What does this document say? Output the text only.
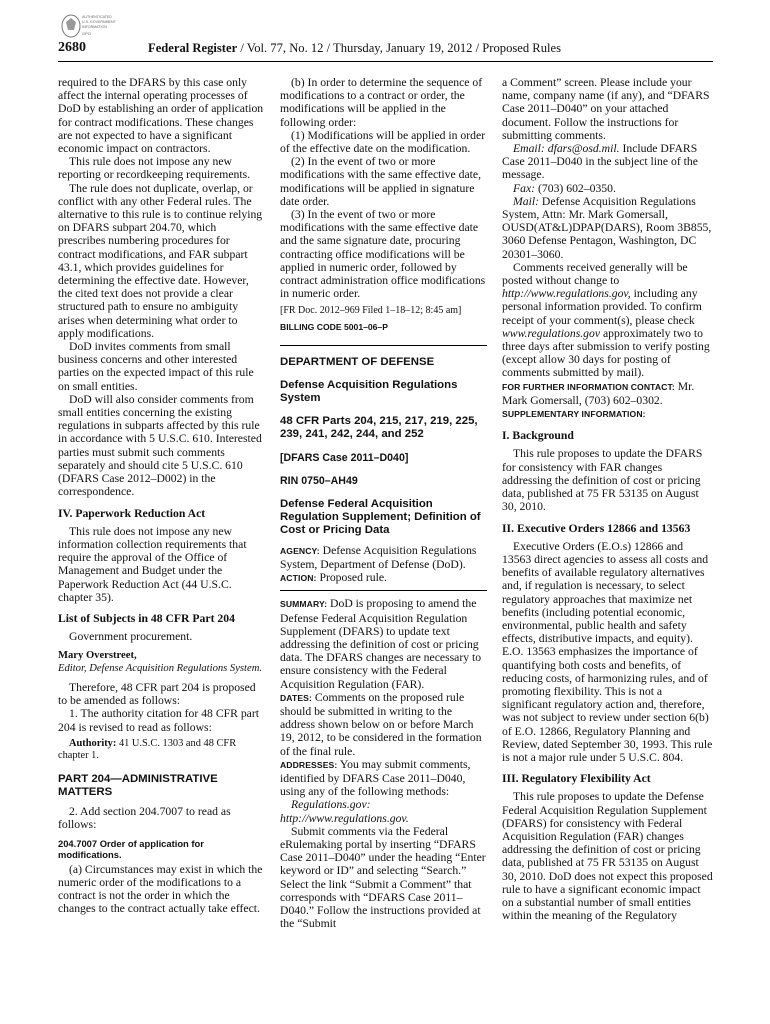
AUTHENTICATED
U.S. GOVERNMENT
INFORMATION
GPO
2680	Federal Register / Vol. 77, No. 12 / Thursday, January 19, 2012 / Proposed Rules

required to the DFARS by this case only affect the internal operating processes of DoD by establishing an order of application for contract modifications. These changes are not expected to have a significant economic impact on contractors.

This rule does not impose any new reporting or recordkeeping requirements.

The rule does not duplicate, overlap, or conflict with any other Federal rules. The alternative to this rule is to continue relying on DFARS subpart 204.70, which prescribes numbering procedures for contract modifications, and FAR subpart 43.1, which provides guidelines for determining the effective date. However, the cited text does not provide a clear structured path to ensure no ambiguity arises when determining what order to apply modifications.

DoD invites comments from small business concerns and other interested parties on the expected impact of this rule on small entities.

DoD will also consider comments from small entities concerning the existing regulations in subparts affected by this rule in accordance with 5 U.S.C. 610. Interested parties must submit such comments separately and should cite 5 U.S.C. 610 (DFARS Case 2012–D002) in the correspondence.

IV. Paperwork Reduction Act

This rule does not impose any new information collection requirements that require the approval of the Office of Management and Budget under the Paperwork Reduction Act (44 U.S.C. chapter 35).

List of Subjects in 48 CFR Part 204

Government procurement.

Mary Overstreet,

Editor, Defense Acquisition Regulations System.

Therefore, 48 CFR part 204 is proposed to be amended as follows:

1. The authority citation for 48 CFR part 204 is revised to read as follows:

Authority: 41 U.S.C. 1303 and 48 CFR chapter 1.

PART 204—ADMINISTRATIVE MATTERS

2. Add section 204.7007 to read as follows:

204.7007 Order of application for modifications.

(a) Circumstances may exist in which the numeric order of the modifications to a contract is not the order in which the changes to the contract actually take effect.

(b) In order to determine the sequence of modifications to a contract or order, the modifications will be applied in the following order:

(1) Modifications will be applied in order of the effective date on the modification.

(2) In the event of two or more modifications with the same effective date, modifications will be applied in signature date order.

(3) In the event of two or more modifications with the same effective date and the same signature date, procuring contracting office modifications will be applied in numeric order, followed by contract administration office modifications in numeric order.

[FR Doc. 2012–969 Filed 1–18–12; 8:45 am]

BILLING CODE 5001–06–P

DEPARTMENT OF DEFENSE

Defense Acquisition Regulations System

48 CFR Parts 204, 215, 217, 219, 225, 239, 241, 242, 244, and 252

[DFARS Case 2011–D040]

RIN 0750–AH49

Defense Federal Acquisition Regulation Supplement; Definition of Cost or Pricing Data

AGENCY: Defense Acquisition Regulations System, Department of Defense (DoD).

ACTION: Proposed rule.

SUMMARY: DoD is proposing to amend the Defense Federal Acquisition Regulation Supplement (DFARS) to update text addressing the definition of cost or pricing data. The DFARS changes are necessary to ensure consistency with the Federal Acquisition Regulation (FAR).

DATES: Comments on the proposed rule should be submitted in writing to the address shown below on or before March 19, 2012, to be considered in the formation of the final rule.

ADDRESSES: You may submit comments, identified by DFARS Case 2011–D040, using any of the following methods:

Regulations.gov: http://www.regulations.gov.

Submit comments via the Federal eRulemaking portal by inserting “DFARS Case 2011–D040” under the heading “Enter keyword or ID” and selecting “Search.” Select the link “Submit a Comment” that corresponds with “DFARS Case 2011–D040.” Follow the instructions provided at the “Submit

a Comment” screen. Please include your name, company name (if any), and “DFARS Case 2011–D040” on your attached document. Follow the instructions for submitting comments.

Email: dfars@osd.mil. Include DFARS Case 2011–D040 in the subject line of the message.

Fax: (703) 602–0350.

Mail: Defense Acquisition Regulations System, Attn: Mr. Mark Gomersall, OUSD(AT&L)DPAP(DARS), Room 3B855, 3060 Defense Pentagon, Washington, DC 20301–3060.

Comments received generally will be posted without change to http://www.regulations.gov, including any personal information provided. To confirm receipt of your comment(s), please check www.regulations.gov approximately two to three days after submission to verify posting (except allow 30 days for posting of comments submitted by mail).

FOR FURTHER INFORMATION CONTACT: Mr. Mark Gomersall, (703) 602–0302.

SUPPLEMENTARY INFORMATION:

I. Background

This rule proposes to update the DFARS for consistency with FAR changes addressing the definition of cost or pricing data, published at 75 FR 53135 on August 30, 2010.

II. Executive Orders 12866 and 13563

Executive Orders (E.O.s) 12866 and 13563 direct agencies to assess all costs and benefits of available regulatory alternatives and, if regulation is necessary, to select regulatory approaches that maximize net benefits (including potential economic, environmental, public health and safety effects, distributive impacts, and equity). E.O. 13563 emphasizes the importance of quantifying both costs and benefits, of reducing costs, of harmonizing rules, and of promoting flexibility. This is not a significant regulatory action and, therefore, was not subject to review under section 6(b) of E.O. 12866, Regulatory Planning and Review, dated September 30, 1993. This rule is not a major rule under 5 U.S.C. 804.

III. Regulatory Flexibility Act

This rule proposes to update the Defense Federal Acquisition Regulation Supplement (DFARS) for consistency with Federal Acquisition Regulation (FAR) changes addressing the definition of cost or pricing data, published at 75 FR 53135 on August 30, 2010. DoD does not expect this proposed rule to have a significant economic impact on a substantial number of small entities within the meaning of the Regulatory
